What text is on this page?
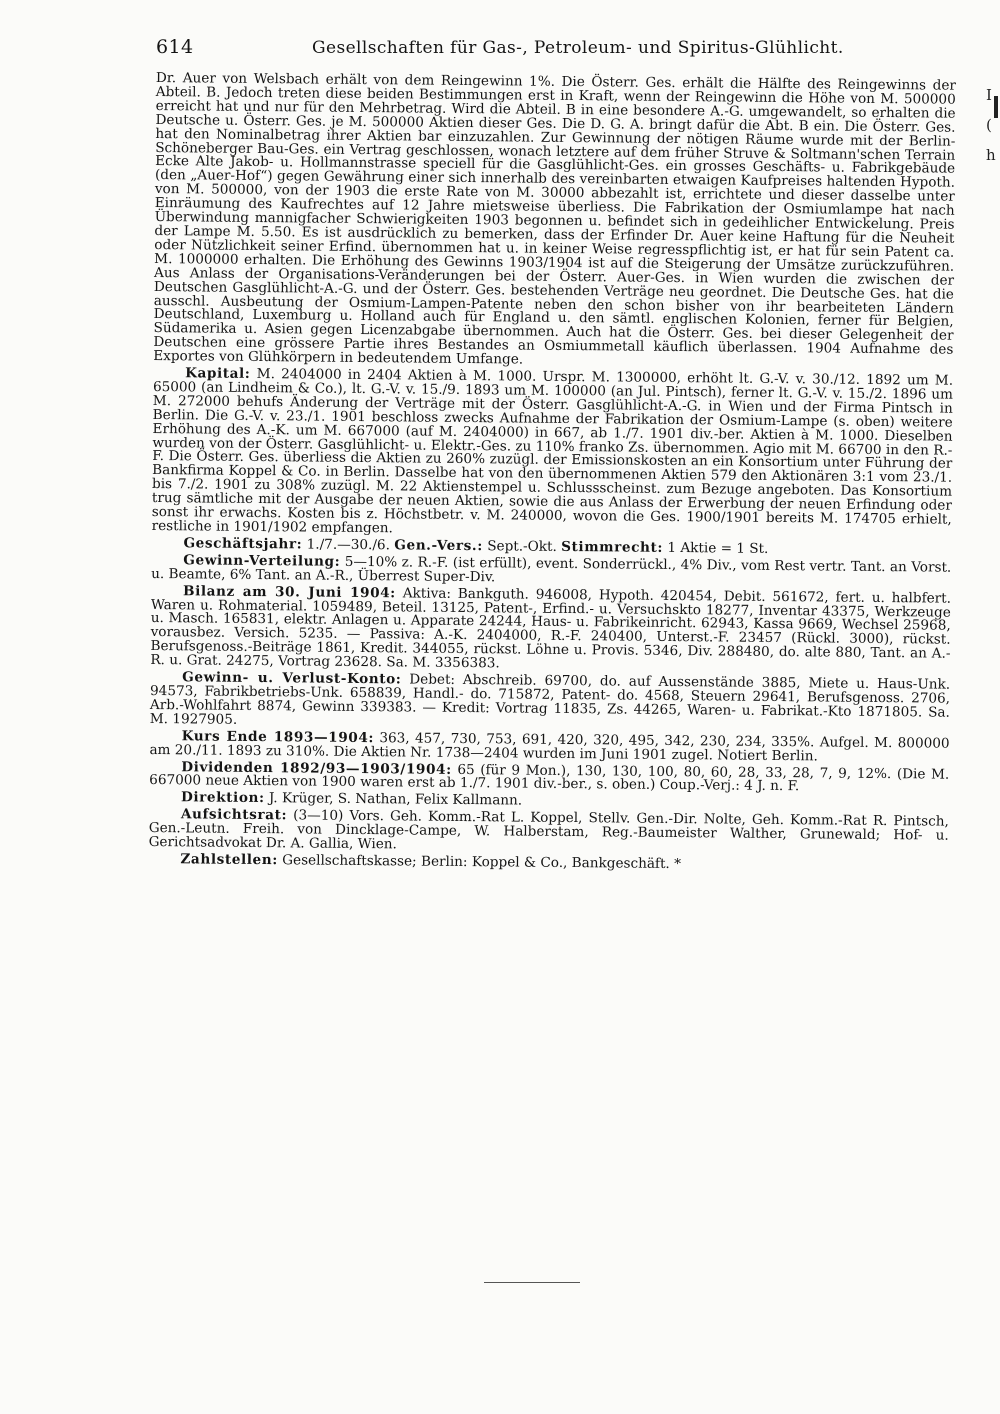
614	Gesellschaften für Gas-, Petroleum- und Spiritus-Glühlicht.

Dr. Auer von Welsbach erhält von dem Reingewinn 1%. Die Österr. Ges. erhält die Hälfte des Reingewinns der Abteil. B. Jedoch treten diese beiden Bestimmungen erst in Kraft, wenn der Reingewinn die Höhe von M. 500000 erreicht hat und nur für den Mehrbetrag. Wird die Abteil. B in eine besondere A.-G. umgewandelt, so erhalten die Deutsche u. Österr. Ges. je M. 500000 Aktien dieser Ges. Die D. G. A. bringt dafür die Abt. B ein. Die Österr. Ges. hat den Nominalbetrag ihrer Aktien bar einzuzahlen. Zur Gewinnung der nötigen Räume wurde mit der Berlin-Schöneberger Bau-Ges. ein Vertrag geschlossen, wonach letztere auf dem früher Struve & Soltmann'schen Terrain Ecke Alte Jakob- u. Hollmannstrasse speciell für die Gasglühlicht-Ges. ein grosses Geschäfts- u. Fabrikgebäude (den „Auer-Hof“) gegen Gewährung einer sich innerhalb des vereinbarten etwaigen Kaufpreises haltenden Hypoth. von M. 500000, von der 1903 die erste Rate von M. 30000 abbezahlt ist, errichtete und dieser dasselbe unter Einräumung des Kaufrechtes auf 12 Jahre mietsweise überliess. Die Fabrikation der Osmiumlampe hat nach Überwindung mannigfacher Schwierigkeiten 1903 begonnen u. befindet sich in gedeihlicher Entwickelung. Preis der Lampe M. 5.50. Es ist ausdrücklich zu bemerken, dass der Erfinder Dr. Auer keine Haftung für die Neuheit oder Nützlichkeit seiner Erfind. übernommen hat u. in keiner Weise regresspflichtig ist, er hat für sein Patent ca. M. 1000000 erhalten. Die Erhöhung des Gewinns 1903/1904 ist auf die Steigerung der Umsätze zurückzuführen. Aus Anlass der Organisations-Veränderungen bei der Österr. Auer-Ges. in Wien wurden die zwischen der Deutschen Gasglühlicht-A.-G. und der Österr. Ges. bestehenden Verträge neu geordnet. Die Deutsche Ges. hat die ausschl. Ausbeutung der Osmium-Lampen-Patente neben den schon bisher von ihr bearbeiteten Ländern Deutschland, Luxemburg u. Holland auch für England u. den sämtl. englischen Kolonien, ferner für Belgien, Südamerika u. Asien gegen Licenzabgabe übernommen. Auch hat die Österr. Ges. bei dieser Gelegenheit der Deutschen eine grössere Partie ihres Bestandes an Osmiummetall käuflich überlassen. 1904 Aufnahme des Exportes von Glühkörpern in bedeutendem Umfange.

Kapital: M. 2404000 in 2404 Aktien à M. 1000. Urspr. M. 1300000, erhöht lt. G.-V. v. 30./12. 1892 um M. 65000 (an Lindheim & Co.), lt. G.-V. v. 15./9. 1893 um M. 100000 (an Jul. Pintsch), ferner lt. G.-V. v. 15./2. 1896 um M. 272000 behufs Änderung der Verträge mit der Österr. Gasglühlicht-A.-G. in Wien und der Firma Pintsch in Berlin. Die G.-V. v. 23./1. 1901 beschloss zwecks Aufnahme der Fabrikation der Osmium-Lampe (s. oben) weitere Erhöhung des A.-K. um M. 667000 (auf M. 2404000) in 667, ab 1./7. 1901 div.-ber. Aktien à M. 1000. Dieselben wurden von der Österr. Gasglühlicht- u. Elektr.-Ges. zu 110% franko Zs. übernommen. Agio mit M. 66700 in den R.-F. Die Österr. Ges. überliess die Aktien zu 260% zuzügl. der Emissionskosten an ein Konsortium unter Führung der Bankfirma Koppel & Co. in Berlin. Dasselbe hat von den übernommenen Aktien 579 den Aktionären 3:1 vom 23./1. bis 7./2. 1901 zu 308% zuzügl. M. 22 Aktienstempel u. Schlussscheinst. zum Bezuge angeboten. Das Konsortium trug sämtliche mit der Ausgabe der neuen Aktien, sowie die aus Anlass der Erwerbung der neuen Erfindung oder sonst ihr erwachs. Kosten bis z. Höchstbetr. v. M. 240000, wovon die Ges. 1900/1901 bereits M. 174705 erhielt, restliche in 1901/1902 empfangen.

Geschäftsjahr: 1./7.—30./6. Gen.-Vers.: Sept.-Okt. Stimmrecht: 1 Aktie = 1 St.

Gewinn-Verteilung: 5—10% z. R.-F. (ist erfüllt), event. Sonderrückl., 4% Div., vom Rest vertr. Tant. an Vorst. u. Beamte, 6% Tant. an A.-R., Überrest Super-Div.

Bilanz am 30. Juni 1904: Aktiva: Bankguth. 946008, Hypoth. 420454, Debit. 561672, fert. u. halbfert. Waren u. Rohmaterial. 1059489, Beteil. 13125, Patent-, Erfind.- u. Versuchskto 18277, Inventar 43375, Werkzeuge u. Masch. 165831, elektr. Anlagen u. Apparate 24244, Haus- u. Fabrikeinricht. 62943, Kassa 9669, Wechsel 25968, vorausbez. Versich. 5235. — Passiva: A.-K. 2404000, R.-F. 240400, Unterst.-F. 23457 (Rückl. 3000), rückst. Berufsgenoss.-Beiträge 1861, Kredit. 344055, rückst. Löhne u. Provis. 5346, Div. 288480, do. alte 880, Tant. an A.-R. u. Grat. 24275, Vortrag 23628. Sa. M. 3356383.

Gewinn- u. Verlust-Konto: Debet: Abschreib. 69700, do. auf Aussenstände 3885, Miete u. Haus-Unk. 94573, Fabrikbetriebs-Unk. 658839, Handl.- do. 715872, Patent- do. 4568, Steuern 29641, Berufsgenoss. 2706, Arb.-Wohlfahrt 8874, Gewinn 339383. — Kredit: Vortrag 11835, Zs. 44265, Waren- u. Fabrikat.-Kto 1871805. Sa. M. 1927905.

Kurs Ende 1893—1904: 363, 457, 730, 753, 691, 420, 320, 495, 342, 230, 234, 335%. Aufgel. M. 800000 am 20./11. 1893 zu 310%. Die Aktien Nr. 1738—2404 wurden im Juni 1901 zugel. Notiert Berlin.

Dividenden 1892/93—1903/1904: 65 (für 9 Mon.), 130, 130, 100, 80, 60, 28, 33, 28, 7, 9, 12%. (Die M. 667000 neue Aktien von 1900 waren erst ab 1./7. 1901 div.-ber., s. oben.) Coup.-Verj.: 4 J. n. F.

Direktion: J. Krüger, S. Nathan, Felix Kallmann.

Aufsichtsrat: (3—10) Vors. Geh. Komm.-Rat L. Koppel, Stellv. Gen.-Dir. Nolte, Geh. Komm.-Rat R. Pintsch, Gen.-Leutn. Freih. von Dincklage-Campe, W. Halberstam, Reg.-Baumeister Walther, Grunewald; Hof- u. Gerichtsadvokat Dr. A. Gallia, Wien.

Zahlstellen: Gesellschaftskasse; Berlin: Koppel & Co., Bankgeschäft. *

I
(
h
